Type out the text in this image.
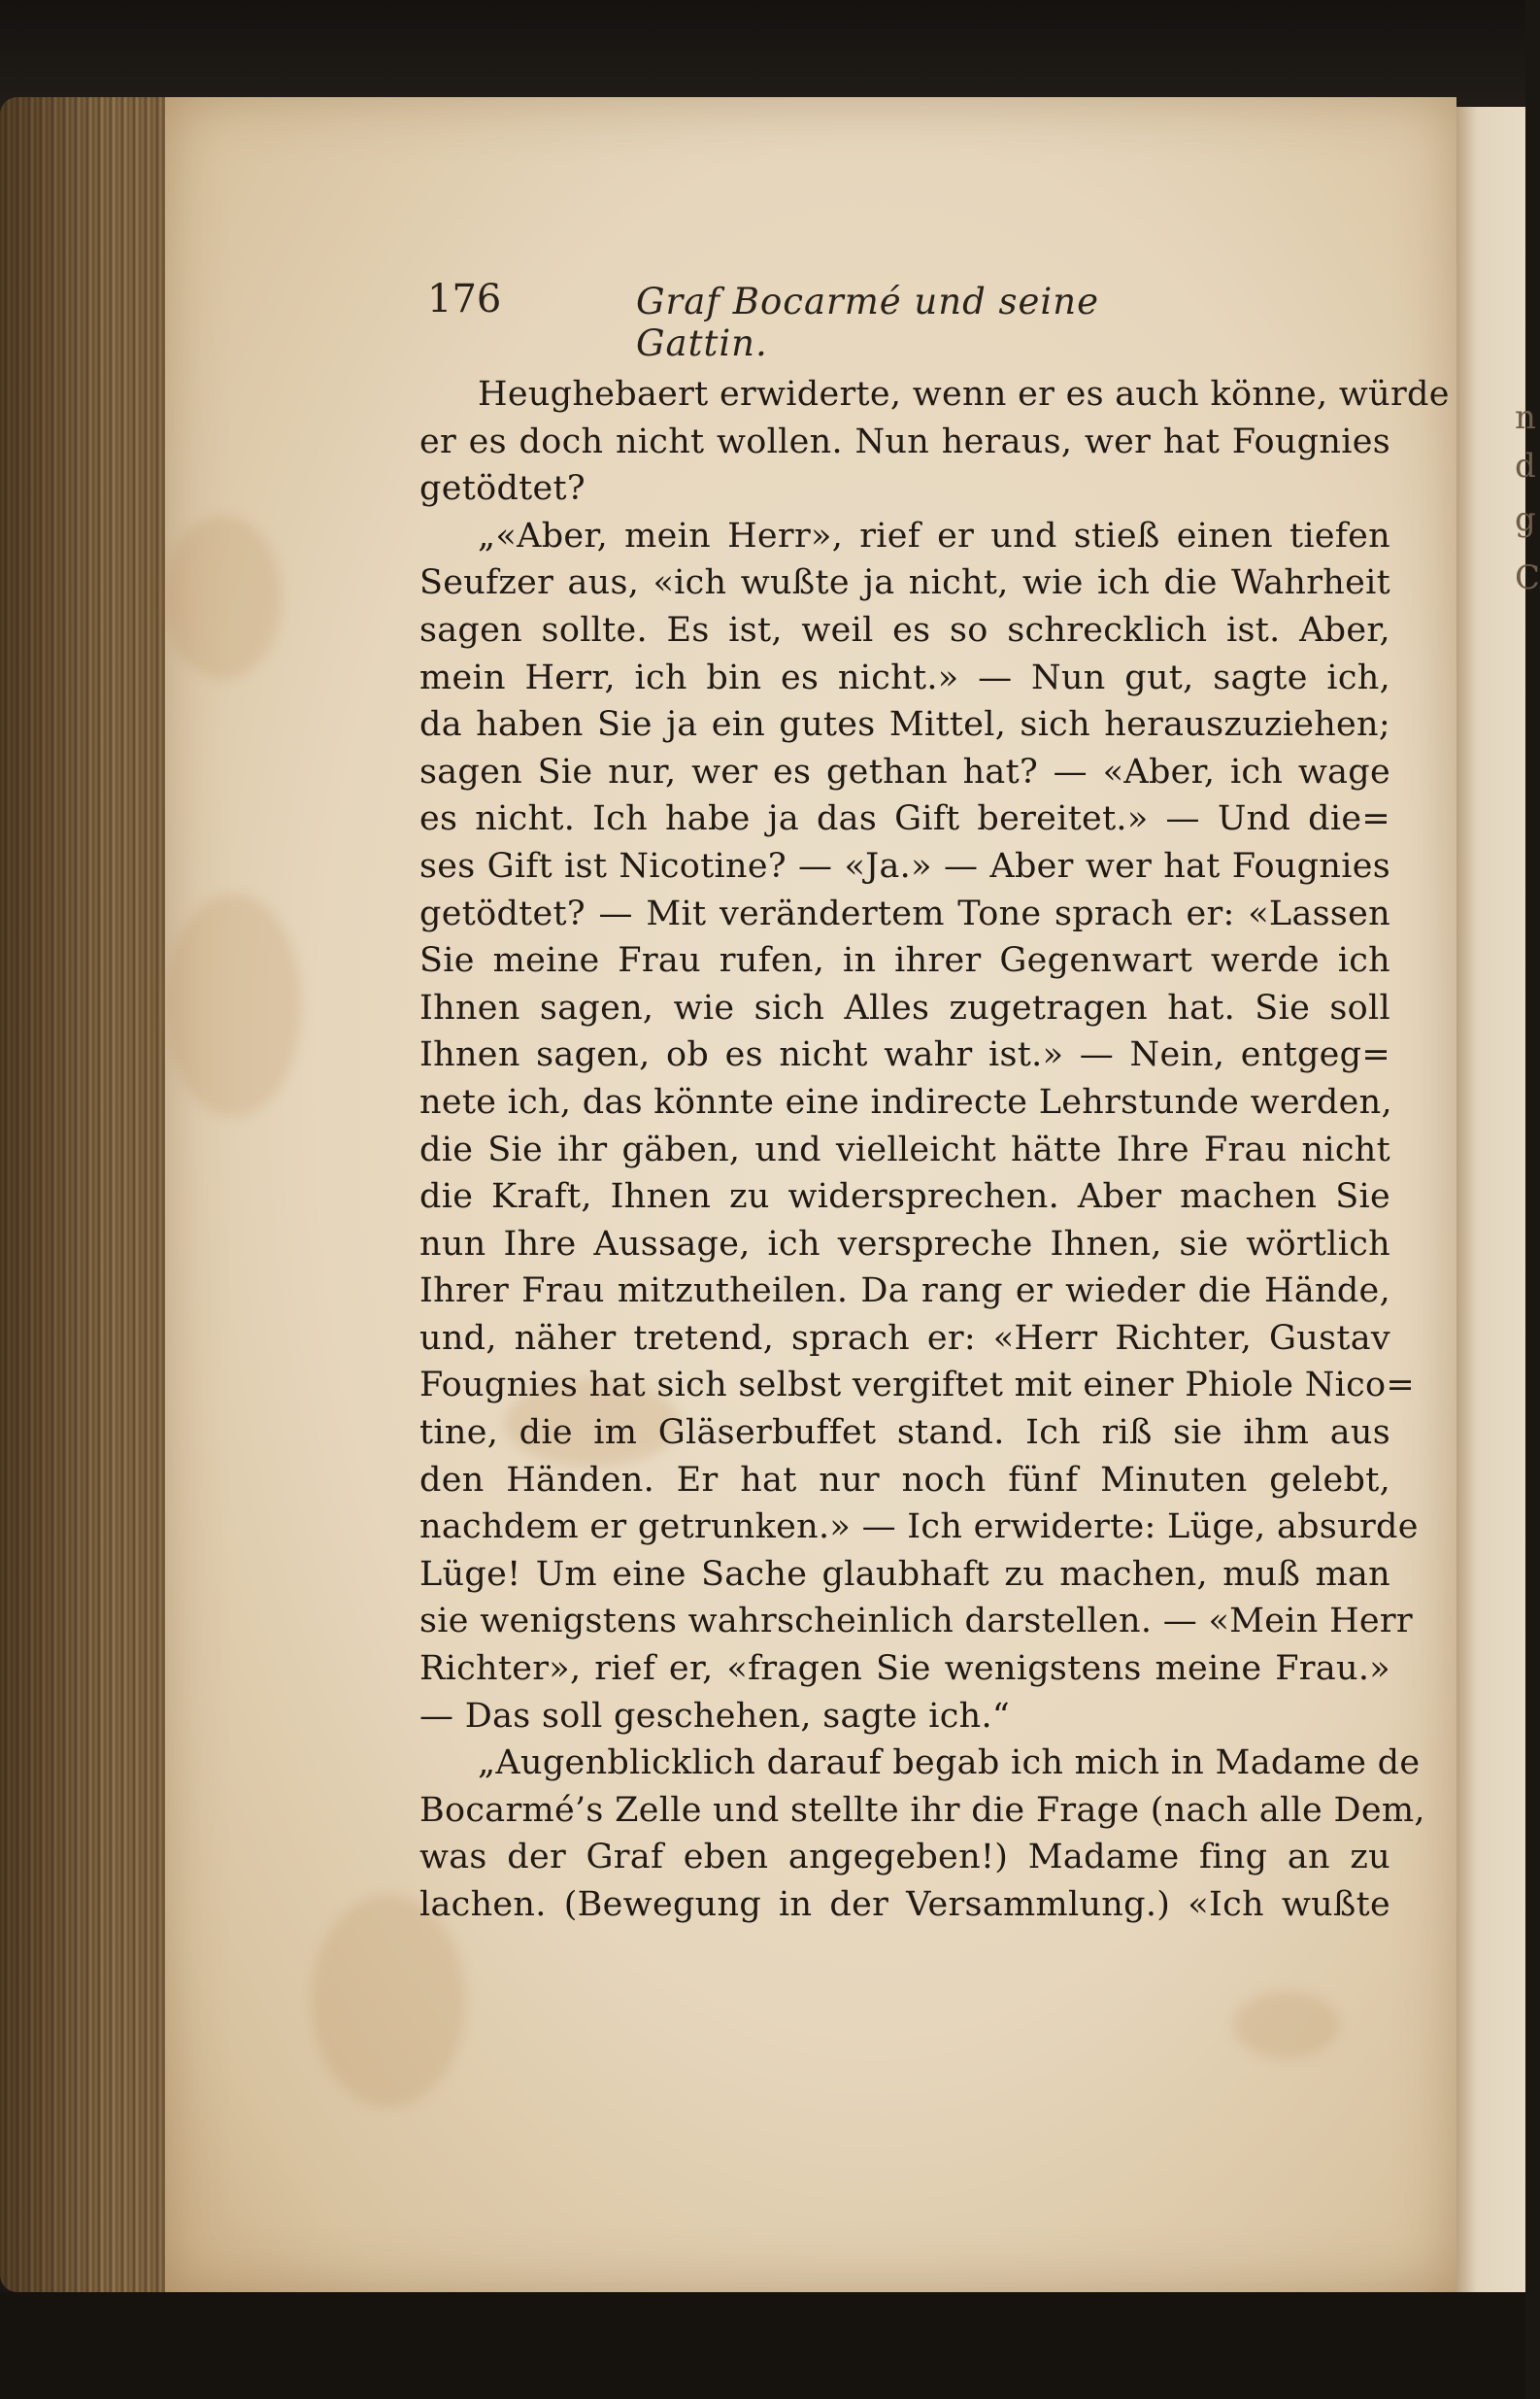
n
d
g
C
176	Graf Bocarmé und seine Gattin.
Heughebaert erwiderte, wenn er es auch könne, würde
er es doch nicht wollen. Nun heraus, wer hat Fougnies
getödtet?
„«Aber, mein Herr», rief er und stieß einen tiefen
Seufzer aus, «ich wußte ja nicht, wie ich die Wahrheit
sagen sollte. Es ist, weil es so schrecklich ist. Aber,
mein Herr, ich bin es nicht.» — Nun gut, sagte ich,
da haben Sie ja ein gutes Mittel, sich herauszuziehen;
sagen Sie nur, wer es gethan hat? — «Aber, ich wage
es nicht. Ich habe ja das Gift bereitet.» — Und die=
ses Gift ist Nicotine? — «Ja.» — Aber wer hat Fougnies
getödtet? — Mit verändertem Tone sprach er: «Lassen
Sie meine Frau rufen, in ihrer Gegenwart werde ich
Ihnen sagen, wie sich Alles zugetragen hat. Sie soll
Ihnen sagen, ob es nicht wahr ist.» — Nein, entgeg=
nete ich, das könnte eine indirecte Lehrstunde werden,
die Sie ihr gäben, und vielleicht hätte Ihre Frau nicht
die Kraft, Ihnen zu widersprechen. Aber machen Sie
nun Ihre Aussage, ich verspreche Ihnen, sie wörtlich
Ihrer Frau mitzutheilen. Da rang er wieder die Hände,
und, näher tretend, sprach er: «Herr Richter, Gustav
Fougnies hat sich selbst vergiftet mit einer Phiole Nico=
tine, die im Gläserbuffet stand. Ich riß sie ihm aus
den Händen. Er hat nur noch fünf Minuten gelebt,
nachdem er getrunken.» — Ich erwiderte: Lüge, absurde
Lüge! Um eine Sache glaubhaft zu machen, muß man
sie wenigstens wahrscheinlich darstellen. — «Mein Herr
Richter», rief er, «fragen Sie wenigstens meine Frau.»
— Das soll geschehen, sagte ich.“
„Augenblicklich darauf begab ich mich in Madame de
Bocarmé’s Zelle und stellte ihr die Frage (nach alle Dem,
was der Graf eben angegeben!) Madame fing an zu
lachen. (Bewegung in der Versammlung.) «Ich wußte
